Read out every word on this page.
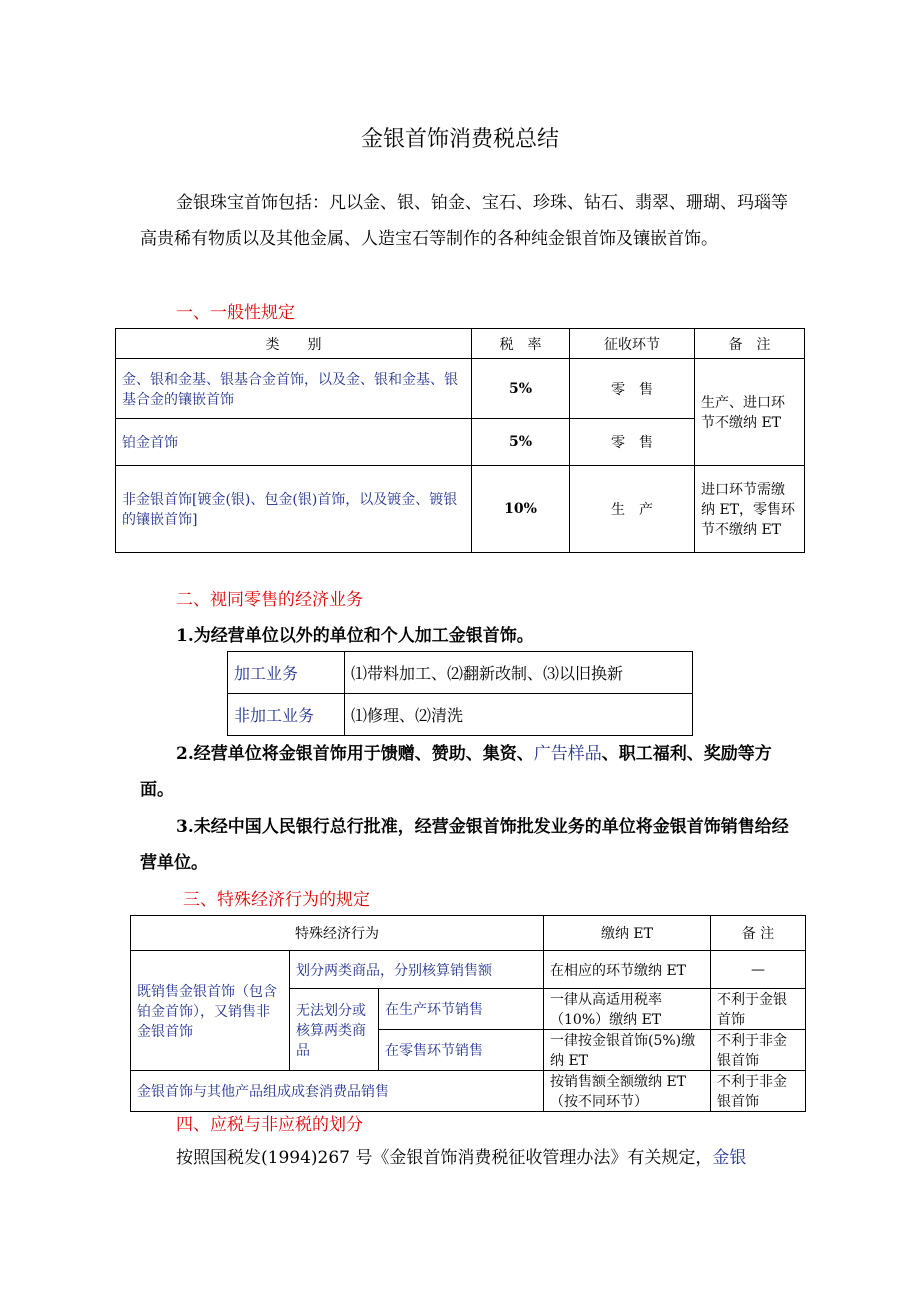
金银首饰消费税总结
金银珠宝首饰包括：凡以金、银、铂金、宝石、珍珠、钻石、翡翠、珊瑚、玛瑙等高贵稀有物质以及其他金属、人造宝石等制作的各种纯金银首饰及镶嵌首饰。
一、一般性规定
类　　别	税　率	征收环节	备　注
金、银和金基、银基合金首饰，以及金、银和金基、银基合金的镶嵌首饰	5%	零　售	生产、进口环节不缴纳 ET
铂金首饰	5%	零　售	
非金银首饰[镀金(银)、包金(银)首饰，以及镀金、镀银的镶嵌首饰]	10%	生　产	进口环节需缴纳 ET，零售环节不缴纳 ET
二、视同零售的经济业务
1.为经营单位以外的单位和个人加工金银首饰。
加工业务	⑴带料加工、⑵翻新改制、⑶以旧换新
非加工业务	⑴修理、⑵清洗
2.经营单位将金银首饰用于馈赠、赞助、集资、广告样品、职工福利、奖励等方面。
3.未经中国人民银行总行批准，经营金银首饰批发业务的单位将金银首饰销售给经营单位。
三、特殊经济行为的规定
特殊经济行为			缴纳 ET	备 注
既销售金银首饰（包含铂金首饰），又销售非金银首饰	划分两类商品，分别核算销售额		在相应的环节缴纳 ET	—
	无法划分或核算两类商品	在生产环节销售	一律从高适用税率（10%）缴纳 ET	不利于金银首饰
		在零售环节销售	一律按金银首饰(5%)缴纳 ET	不利于非金银首饰
金银首饰与其他产品组成成套消费品销售			按销售额全额缴纳 ET（按不同环节）	不利于非金银首饰
四、应税与非应税的划分
按照国税发(1994)267 号《金银首饰消费税征收管理办法》有关规定，金银
